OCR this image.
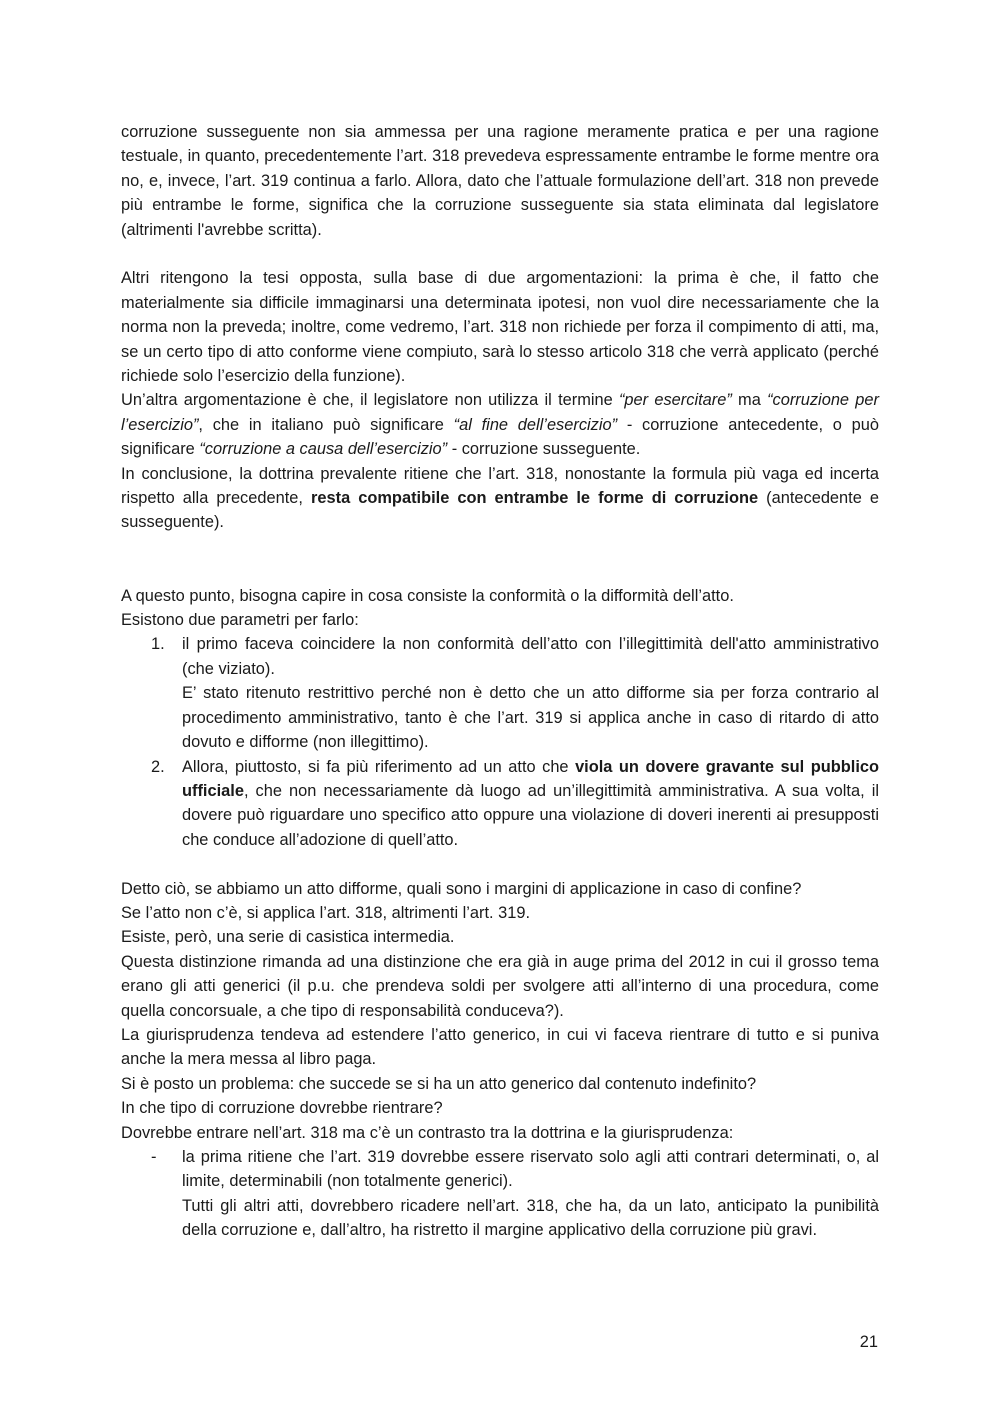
corruzione susseguente non sia ammessa per una ragione meramente pratica e per una ragione testuale, in quanto, precedentemente l’art. 318 prevedeva espressamente entrambe le forme mentre ora no, e, invece, l’art. 319 continua a farlo. Allora, dato che l’attuale formulazione dell’art. 318 non prevede più entrambe le forme, significa che la corruzione susseguente sia stata eliminata dal legislatore (altrimenti l'avrebbe scritta).

Altri ritengono la tesi opposta, sulla base di due argomentazioni: la prima è che, il fatto che materialmente sia difficile immaginarsi una determinata ipotesi, non vuol dire necessariamente che la norma non la preveda; inoltre, come vedremo, l’art. 318 non richiede per forza il compimento di atti, ma, se un certo tipo di atto conforme viene compiuto, sarà lo stesso articolo 318 che verrà applicato (perché richiede solo l’esercizio della funzione).

Un’altra argomentazione è che, il legislatore non utilizza il termine “per esercitare” ma “corruzione per l’esercizio”, che in italiano può significare “al fine dell’esercizio” - corruzione antecedente, o può significare “corruzione a causa dell’esercizio” - corruzione susseguente.

In conclusione, la dottrina prevalente ritiene che l’art. 318, nonostante la formula più vaga ed incerta rispetto alla precedente, resta compatibile con entrambe le forme di corruzione (antecedente e susseguente).

A questo punto, bisogna capire in cosa consiste la conformità o la difformità dell’atto.

Esistono due parametri per farlo:

1. il primo faceva coincidere la non conformità dell’atto con l’illegittimità dell'atto amministrativo (che viziato).

E’ stato ritenuto restrittivo perché non è detto che un atto difforme sia per forza contrario al procedimento amministrativo, tanto è che l’art. 319 si applica anche in caso di ritardo di atto dovuto e difforme (non illegittimo).

2. Allora, piuttosto, si fa più riferimento ad un atto che viola un dovere gravante sul pubblico ufficiale, che non necessariamente dà luogo ad un’illegittimità amministrativa. A sua volta, il dovere può riguardare uno specifico atto oppure una violazione di doveri inerenti ai presupposti che conduce all’adozione di quell’atto.

Detto ciò, se abbiamo un atto difforme, quali sono i margini di applicazione in caso di confine?

Se l’atto non c’è, si applica l’art. 318, altrimenti l’art. 319.

Esiste, però, una serie di casistica intermedia.

Questa distinzione rimanda ad una distinzione che era già in auge prima del 2012 in cui il grosso tema erano gli atti generici (il p.u. che prendeva soldi per svolgere atti all’interno di una procedura, come quella concorsuale, a che tipo di responsabilità conduceva?).

La giurisprudenza tendeva ad estendere l’atto generico, in cui vi faceva rientrare di tutto e si puniva anche la mera messa al libro paga.

Si è posto un problema: che succede se si ha un atto generico dal contenuto indefinito?

In che tipo di corruzione dovrebbe rientrare?

Dovrebbe entrare nell’art. 318 ma c’è un contrasto tra la dottrina e la giurisprudenza:

- la prima ritiene che l’art. 319 dovrebbe essere riservato solo agli atti contrari determinati, o, al limite, determinabili (non totalmente generici).

Tutti gli altri atti, dovrebbero ricadere nell’art. 318, che ha, da un lato, anticipato la punibilità della corruzione e, dall’altro, ha ristretto il margine applicativo della corruzione più gravi.

21
